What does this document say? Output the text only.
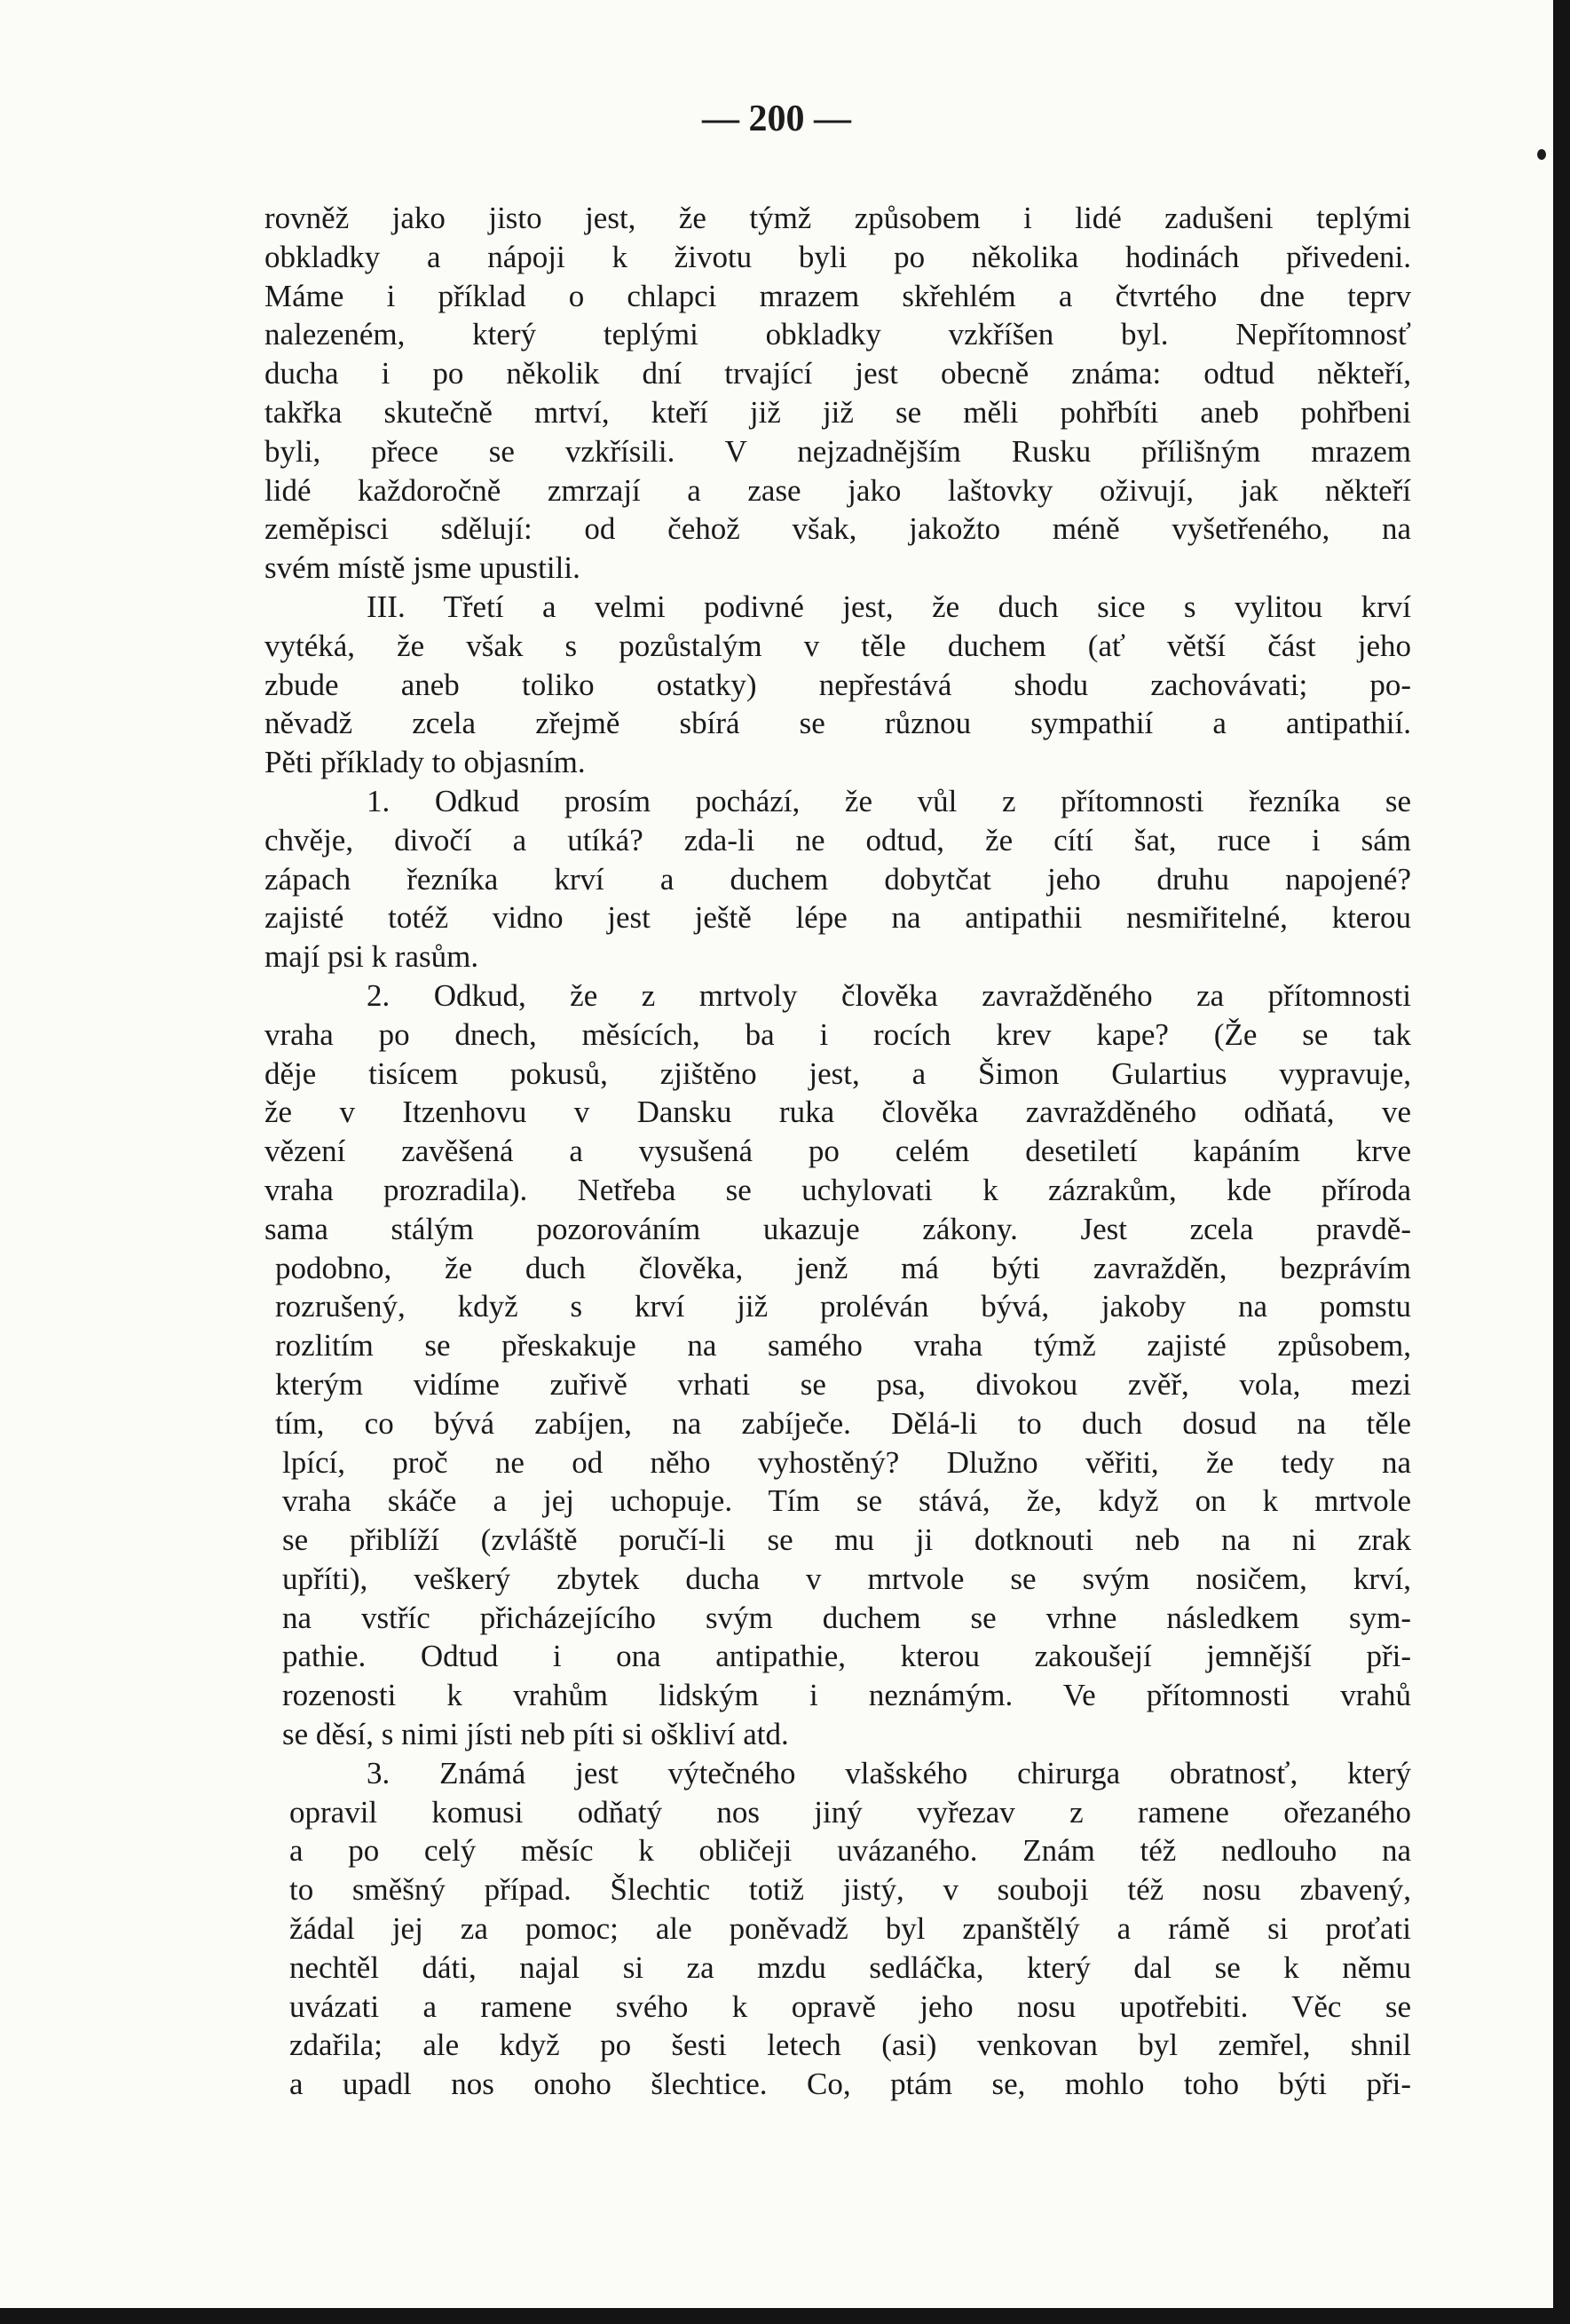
— 200 —
rovněž jako jisto jest, že týmž způsobem i lidé zadušeni teplými
obkladky a nápoji k životu byli po několika hodinách přivedeni.
Máme i příklad o chlapci mrazem skřehlém a čtvrtého dne teprv
nalezeném, který teplými obkladky vzkříšen byl. Nepřítomnosť
ducha i po několik dní trvající jest obecně známa: odtud někteří,
takřka skutečně mrtví, kteří již již se měli pohřbíti aneb pohřbeni
byli, přece se vzkřísili. V nejzadnějším Rusku přílišným mrazem
lidé každoročně zmrzají a zase jako laštovky oživují, jak někteří
zeměpisci sdělují: od čehož však, jakožto méně vyšetřeného, na
svém místě jsme upustili.
III. Třetí a velmi podivné jest, že duch sice s vylitou krví
vytéká, že však s pozůstalým v těle duchem (ať větší část jeho
zbude aneb toliko ostatky) nepřestává shodu zachovávati; po-
něvadž zcela zřejmě sbírá se různou sympathií a antipathií.
Pěti příklady to objasním.
1. Odkud prosím pochází, že vůl z přítomnosti řezníka se
chvěje, divočí a utíká? zda-li ne odtud, že cítí šat, ruce i sám
zápach řezníka krví a duchem dobytčat jeho druhu napojené?
zajisté totéž vidno jest ještě lépe na antipathii nesmiřitelné, kterou
mají psi k rasům.
2. Odkud, že z mrtvoly člověka zavražděného za přítomnosti
vraha po dnech, měsících, ba i rocích krev kape? (Že se tak
děje tisícem pokusů, zjištěno jest, a Šimon Gulartius vypravuje,
že v Itzenhovu v Dansku ruka člověka zavražděného odňatá, ve
vězení zavěšená a vysušená po celém desetiletí kapáním krve
vraha prozradila). Netřeba se uchylovati k zázrakům, kde příroda
sama stálým pozorováním ukazuje zákony. Jest zcela pravdě-
podobno, že duch člověka, jenž má býti zavražděn, bezprávím
rozrušený, když s krví již proléván bývá, jakoby na pomstu
rozlitím se přeskakuje na samého vraha týmž zajisté způsobem,
kterým vidíme zuřivě vrhati se psa, divokou zvěř, vola, mezi
tím, co bývá zabíjen, na zabíječe. Dělá-li to duch dosud na těle
lpící, proč ne od něho vyhostěný? Dlužno věřiti, že tedy na
vraha skáče a jej uchopuje. Tím se stává, že, když on k mrtvole
se přiblíží (zvláště poručí-li se mu ji dotknouti neb na ni zrak
upříti), veškerý zbytek ducha v mrtvole se svým nosičem, krví,
na vstříc přicházejícího svým duchem se vrhne následkem sym-
pathie. Odtud i ona antipathie, kterou zakoušejí jemnější při-
rozenosti k vrahům lidským i neznámým. Ve přítomnosti vrahů
se děsí, s nimi jísti neb píti si oškliví atd.
3. Známá jest výtečného vlašského chirurga obratnosť, který
opravil komusi odňatý nos jiný vyřezav z ramene ořezaného
a po celý měsíc k obličeji uvázaného. Znám též nedlouho na
to směšný případ. Šlechtic totiž jistý, v souboji též nosu zbavený,
žádal jej za pomoc; ale poněvadž byl zpanštělý a rámě si proťati
nechtěl dáti, najal si za mzdu sedláčka, který dal se k němu
uvázati a ramene svého k opravě jeho nosu upotřebiti. Věc se
zdařila; ale když po šesti letech (asi) venkovan byl zemřel, shnil
a upadl nos onoho šlechtice. Co, ptám se, mohlo toho býti při-
